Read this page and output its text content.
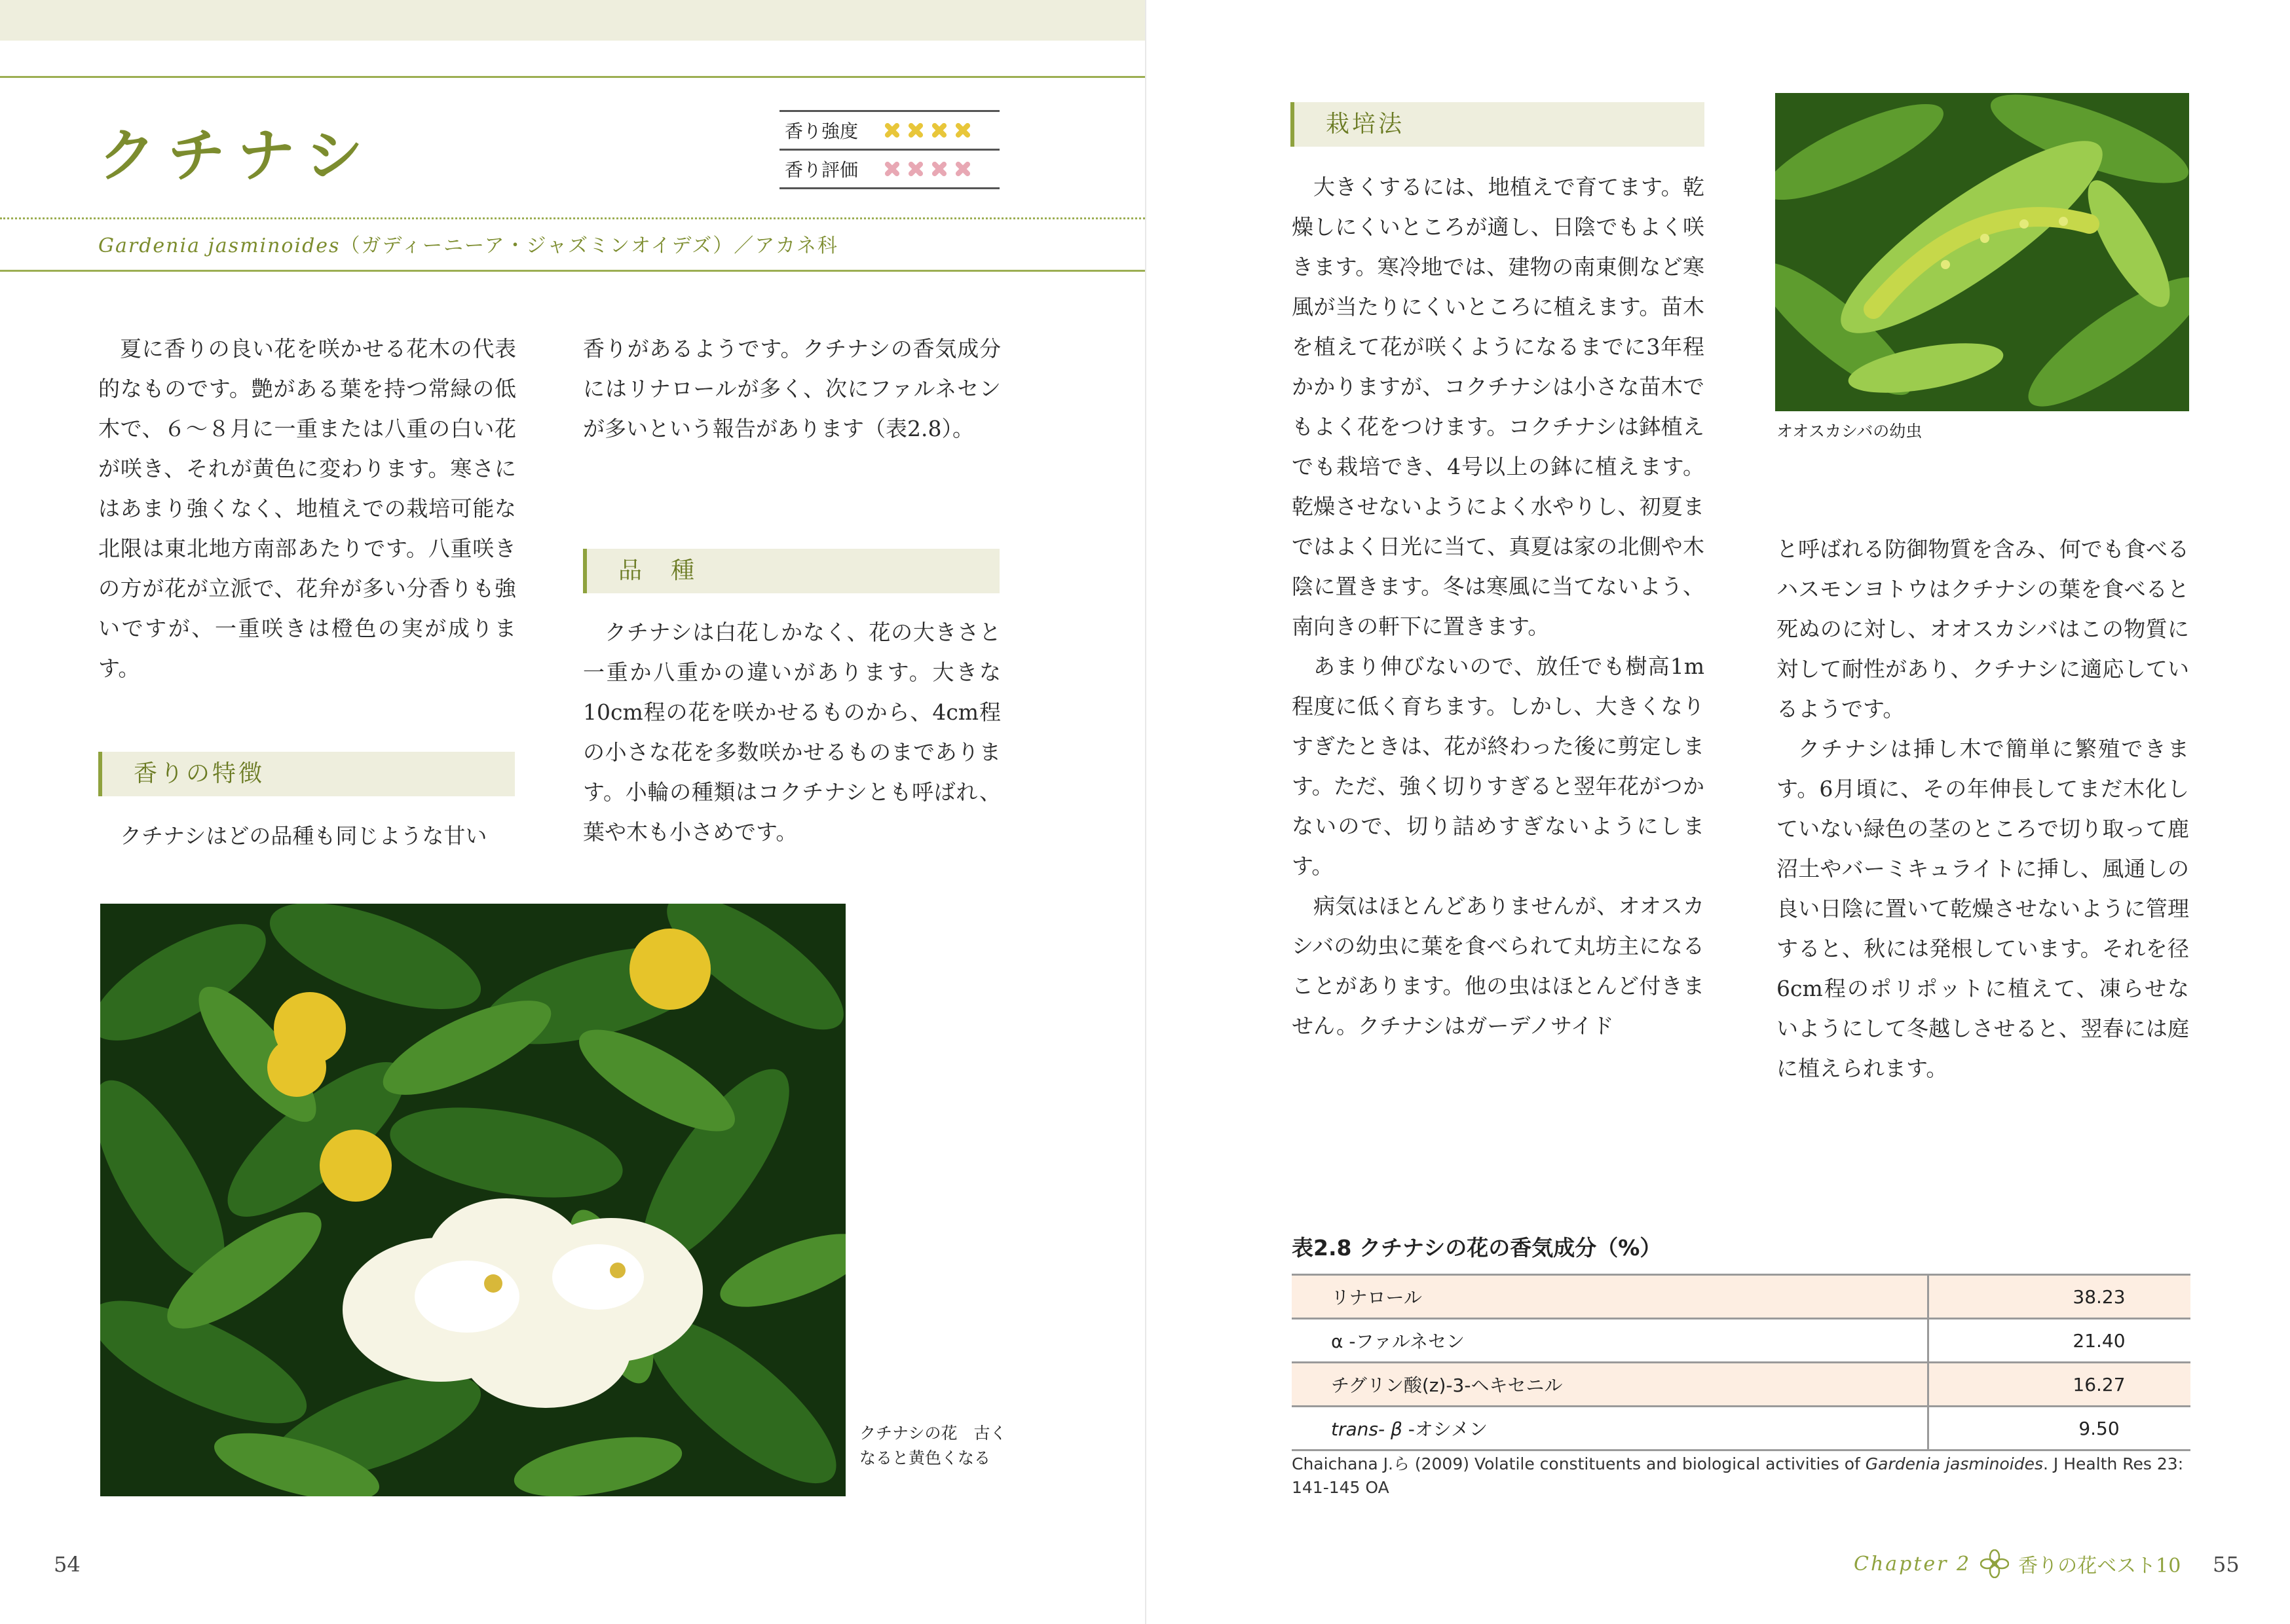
クチナシ	香り強度
香り評価
Gardenia jasminoides（ガディーニーア・ジャズミンオイデズ）／アカネ科

夏に香りの良い花を咲かせる花木の代表的なものです。艶がある葉を持つ常緑の低木で、６～８月に一重または八重の白い花が咲き、それが黄色に変わります。寒さにはあまり強くなく、地植えでの栽培可能な北限は東北地方南部あたりです。八重咲きの方が花が立派で、花弁が多い分香りも強いですが、一重咲きは橙色の実が成ります。

香りの特徴

クチナシはどの品種も同じような甘い

香りがあるようです。クチナシの香気成分にはリナロールが多く、次にファルネセンが多いという報告があります（表2.8）。

品　種

クチナシは白花しかなく、花の大きさと一重か八重かの違いがあります。大きな10cm程の花を咲かせるものから、4cm程の小さな花を多数咲かせるものまであります。小輪の種類はコクチナシとも呼ばれ、葉や木も小さめです。

クチナシの花　古くなると黄色くなる
54
栽培法

大きくするには、地植えで育てます。乾燥しにくいところが適し、日陰でもよく咲きます。寒冷地では、建物の南東側など寒風が当たりにくいところに植えます。苗木を植えて花が咲くようになるまでに3年程かかりますが、コクチナシは小さな苗木でもよく花をつけます。コクチナシは鉢植えでも栽培でき、4号以上の鉢に植えます。乾燥させないようによく水やりし、初夏まではよく日光に当て、真夏は家の北側や木陰に置きます。冬は寒風に当てないよう、南向きの軒下に置きます。

あまり伸びないので、放任でも樹高1m程度に低く育ちます。しかし、大きくなりすぎたときは、花が終わった後に剪定します。ただ、強く切りすぎると翌年花がつかないので、切り詰めすぎないようにします。

病気はほとんどありませんが、オオスカシバの幼虫に葉を食べられて丸坊主になることがあります。他の虫はほとんど付きません。クチナシはガーデノサイド

オオスカシバの幼虫

と呼ばれる防御物質を含み、何でも食べるハスモンヨトウはクチナシの葉を食べると死ぬのに対し、オオスカシバはこの物質に対して耐性があり、クチナシに適応しているようです。

クチナシは挿し木で簡単に繁殖できます。6月頃に、その年伸長してまだ木化していない緑色の茎のところで切り取って鹿沼土やバーミキュライトに挿し、風通しの良い日陰に置いて乾燥させないように管理すると、秋には発根しています。それを径6cm程のポリポットに植えて、凍らせないようにして冬越しさせると、翌春には庭に植えられます。

表2.8 クチナシの花の香気成分（%）
リナロール	38.23
α -ファルネセン	21.40
チグリン酸(z)-3-ヘキセニル	16.27
trans- β -オシメン	9.50
Chaichana J.ら (2009) Volatile constituents and biological activities of Gardenia jasminoides. J Health Res 23: 141-145 OA
Chapter 2 香りの花ベスト10 55
